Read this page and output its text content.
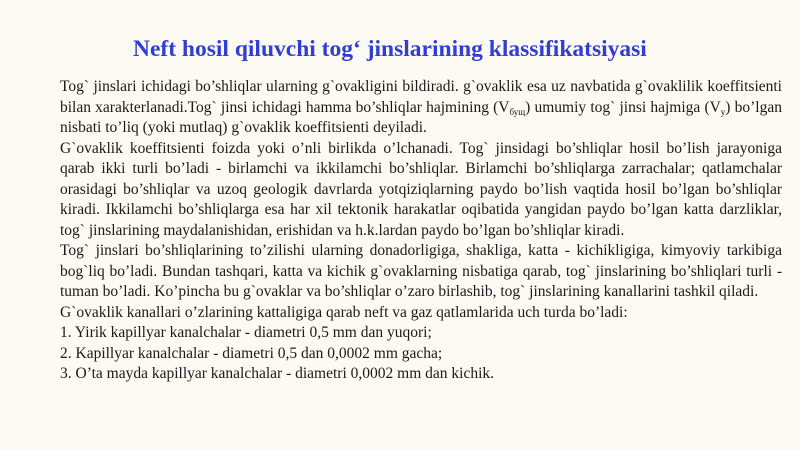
Neft hosil qiluvchi tog‘ jinslarining klassifikatsiyasi

Tog` jinslari ichidagi bo’shliqlar ularning g`ovakligini bildiradi. g`ovaklik esa uz navbatida g`ovaklilik koeffitsienti bilan xarakterlanadi.Tog` jinsi ichidagi hamma bo’shliqlar hajmining $(V_{бущ})$ umumiy tog` jinsi hajmiga $(V_у)$ bo’lgan nisbati to’liq (yoki mutlaq) g`ovaklik koeffitsienti deyiladi.

G`ovaklik koeffitsienti foizda yoki o’nli birlikda o’lchanadi. Tog` jinsidagi bo’shliqlar hosil bo’lish jarayoniga qarab ikki turli bo’ladi - birlamchi va ikkilamchi bo’shliqlar. Birlamchi bo’shliqlarga zarrachalar; qatlamchalar orasidagi bo’shliqlar va uzoq geologik davrlarda yotqiziqlarning paydo bo’lish vaqtida hosil bo’lgan bo’shliqlar kiradi. Ikkilamchi bo’shliqlarga esa har xil tektonik harakatlar oqibatida yangidan paydo bo’lgan katta darzliklar, tog` jinslarining maydalanishidan, erishidan va h.k.lardan paydo bo’lgan bo’shliqlar kiradi.

Tog` jinslari bo’shliqlarining to’zilishi ularning donadorligiga, shakliga, katta - kichikligiga, kimyoviy tarkibiga bog`liq bo’ladi. Bundan tashqari, katta va kichik g`ovaklarning nisbatiga qarab, tog` jinslarining bo’shliqlari turli - tuman bo’ladi. Ko’pincha bu g`ovaklar va bo’shliqlar o’zaro birlashib, tog` jinslarining kanallarini tashkil qiladi.

G`ovaklik kanallari o’zlarining kattaligiga qarab neft va gaz qatlamlarida uch turda bo’ladi:

1. Yirik kapillyar kanalchalar - diametri 0,5 mm dan yuqori;

2. Kapillyar kanalchalar - diametri 0,5 dan 0,0002 mm gacha;

3. O’ta mayda kapillyar kanalchalar - diametri 0,0002 mm dan kichik.
